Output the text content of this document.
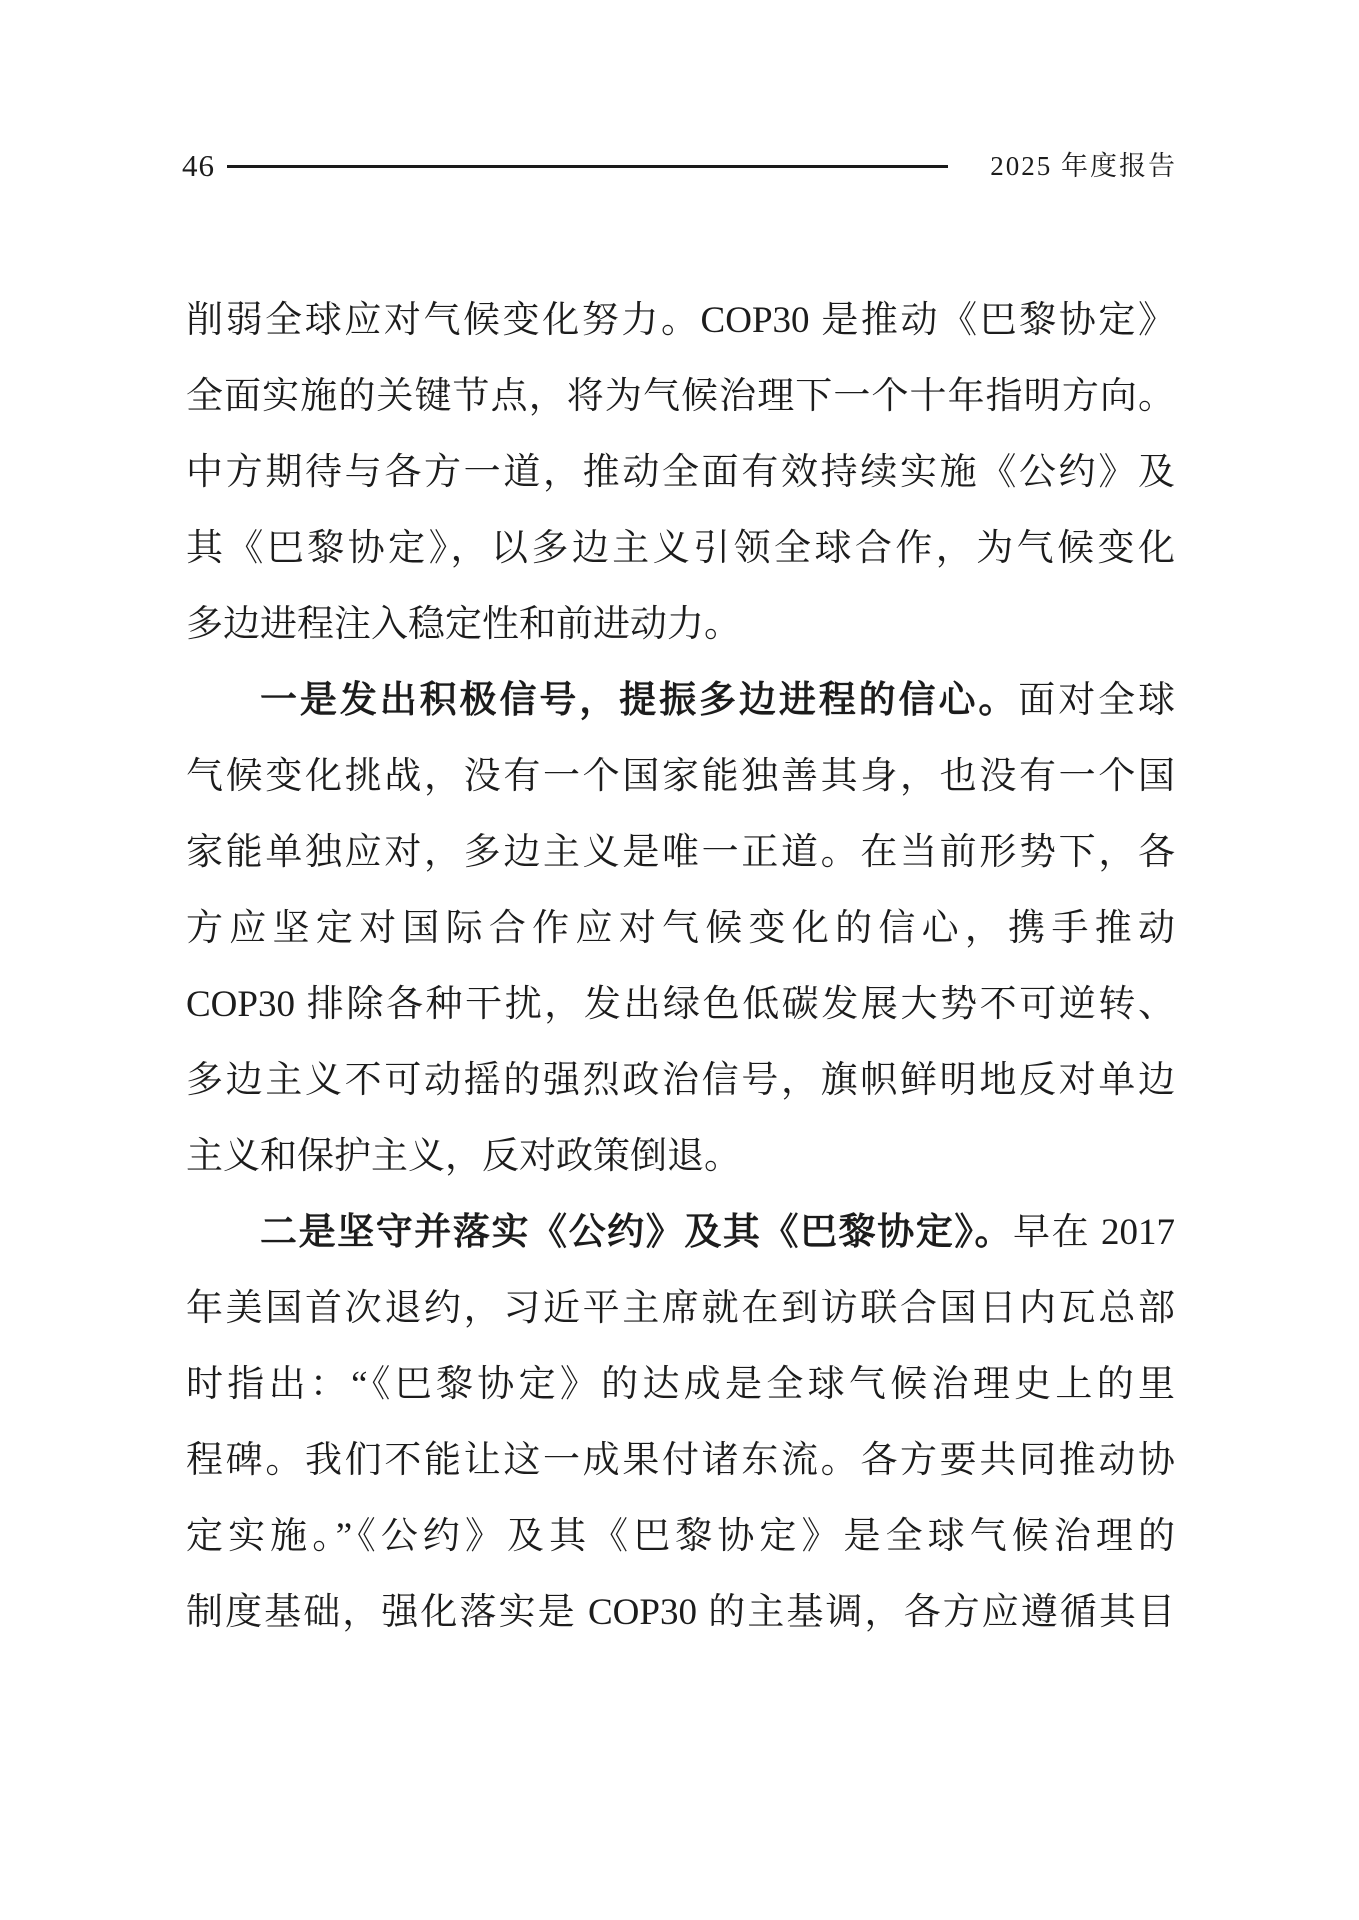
46	2025 年度报告
削弱全球应对气候变化努力。COP30 是推动《巴黎协定》
全面实施的关键节点，将为气候治理下一个十年指明方向。
中方期待与各方一道，推动全面有效持续实施《公约》及
其《巴黎协定》，以多边主义引领全球合作，为气候变化
多边进程注入稳定性和前进动力。
一是发出积极信号，提振多边进程的信心。面对全球
气候变化挑战，没有一个国家能独善其身，也没有一个国
家能单独应对，多边主义是唯一正道。在当前形势下，各
方应坚定对国际合作应对气候变化的信心，携手推动
COP30 排除各种干扰，发出绿色低碳发展大势不可逆转、
多边主义不可动摇的强烈政治信号，旗帜鲜明地反对单边
主义和保护主义，反对政策倒退。
二是坚守并落实《公约》及其《巴黎协定》。早在 2017
年美国首次退约，习近平主席就在到访联合国日内瓦总部
时指出：“《巴黎协定》的达成是全球气候治理史上的里
程碑。我们不能让这一成果付诸东流。各方要共同推动协
定实施。”《公约》及其《巴黎协定》是全球气候治理的
制度基础，强化落实是 COP30 的主基调，各方应遵循其目
